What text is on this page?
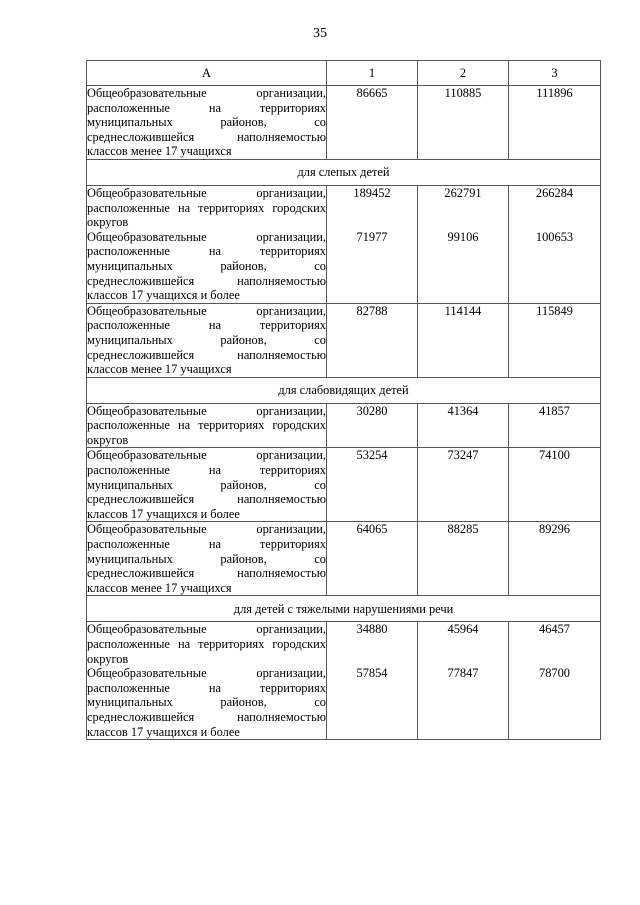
35
А	1	2	3
Общеобразовательные организации, расположенные на территориях муниципальных районов, со среднесложившейся наполняемостью классов менее 17 учащихся	86665	110885	111896
для слепых детей			
Общеобразовательные организации, расположенные на территориях городских округов	189452	262791	266284
Общеобразовательные организации, расположенные на территориях муниципальных районов, со среднесложившейся наполняемостью классов 17 учащихся и более	71977	99106	100653
Общеобразовательные организации, расположенные на территориях муниципальных районов, со среднесложившейся наполняемостью классов менее 17 учащихся	82788	114144	115849
для слабовидящих детей			
Общеобразовательные организации, расположенные на территориях городских округов	30280	41364	41857
Общеобразовательные организации, расположенные на территориях муниципальных районов, со среднесложившейся наполняемостью классов 17 учащихся и более	53254	73247	74100
Общеобразовательные организации, расположенные на территориях муниципальных районов, со среднесложившейся наполняемостью классов менее 17 учащихся	64065	88285	89296
для детей с тяжелыми нарушениями речи			
Общеобразовательные организации, расположенные на территориях городских округов	34880	45964	46457
Общеобразовательные организации, расположенные на территориях муниципальных районов, со среднесложившейся наполняемостью классов 17 учащихся и более	57854	77847	78700
